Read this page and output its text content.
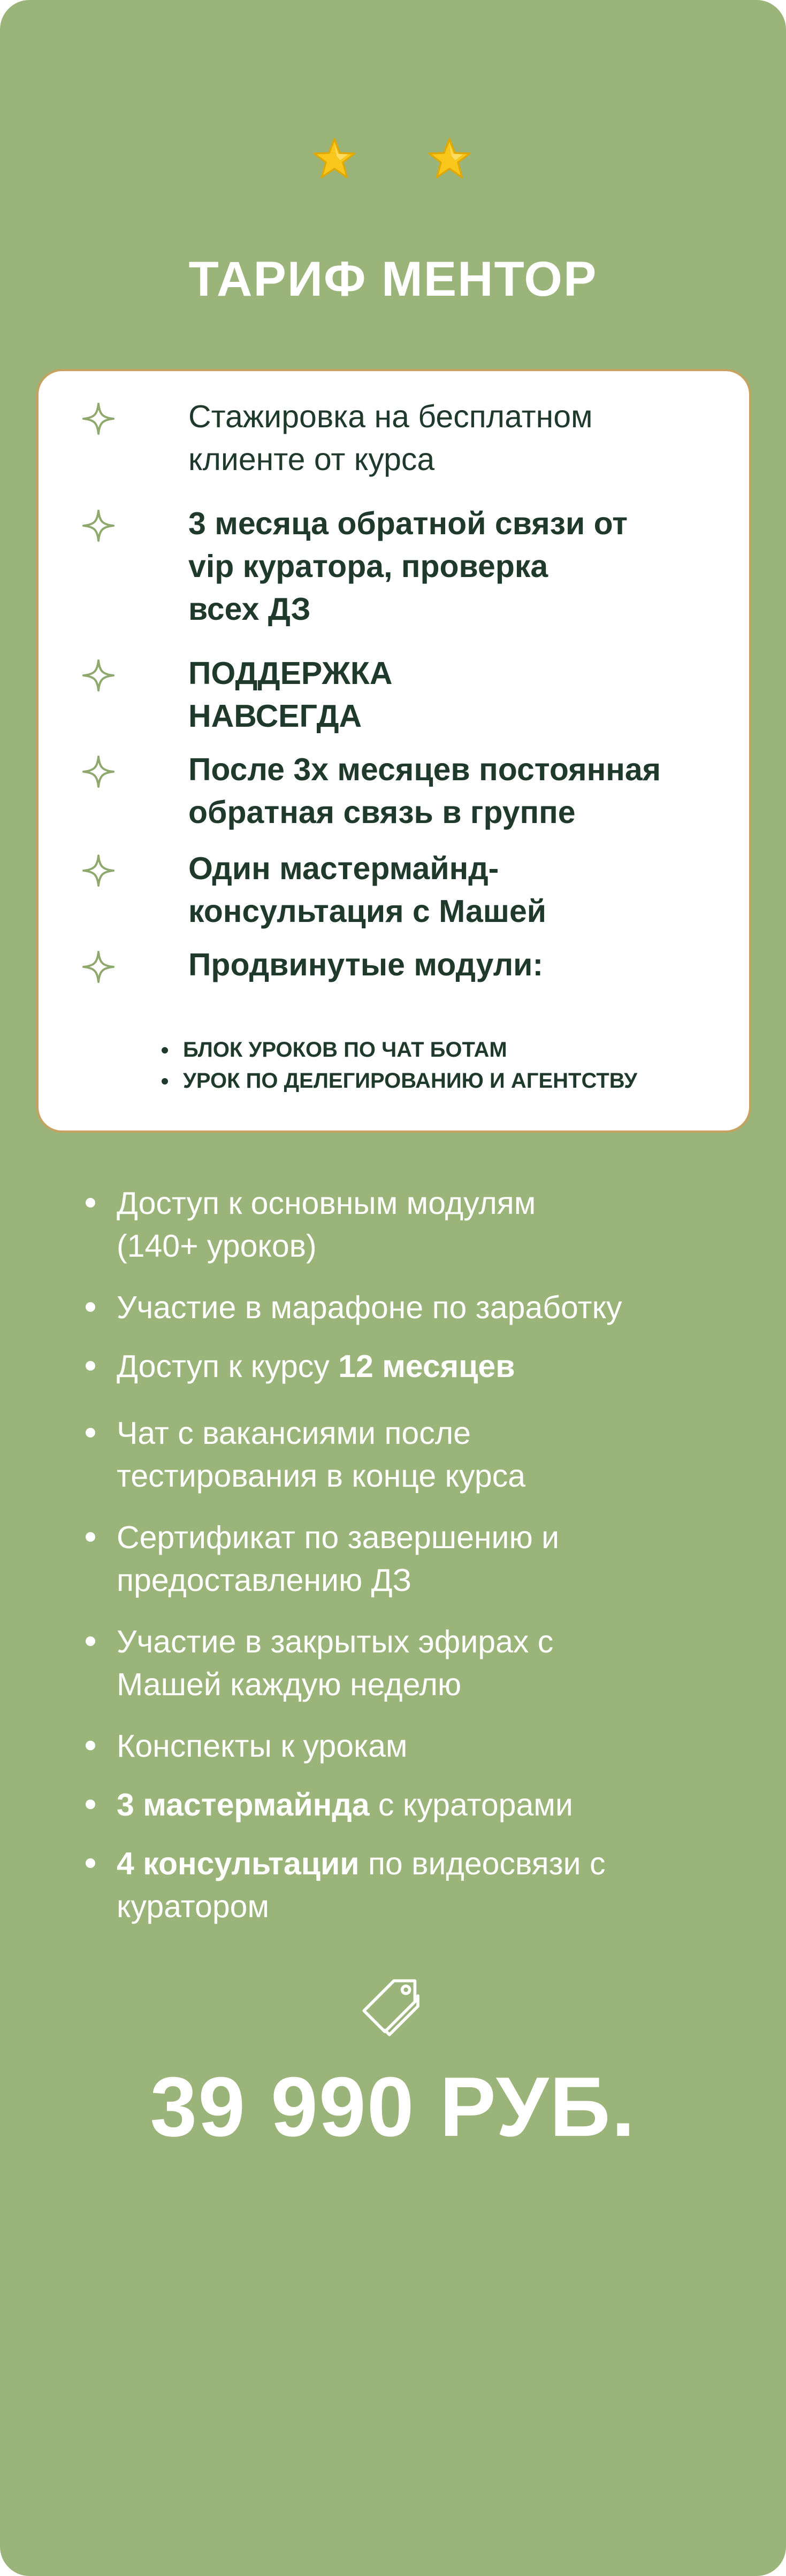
ТАРИФ МЕНТОР
Стажировка на бесплатном
клиенте от курса
3 месяца обратной связи от
vip куратора, проверка
всех ДЗ
ПОДДЕРЖКА
НАВСЕГДА
После 3х месяцев постоянная
обратная связь в группе
Один мастермайнд-
консультация с Машей
Продвинутые модули:
БЛОК УРОКОВ ПО ЧАТ БОТАМ
УРОК ПО ДЕЛЕГИРОВАНИЮ И АГЕНТСТВУ
Доступ к основным модулям
(140+ уроков)
Участие в марафоне по заработку
Доступ к курсу 12 месяцев
Чат с вакансиями после
тестирования в конце курса
Сертификат по завершению и
предоставлению ДЗ
Участие в закрытых эфирах с
Машей каждую неделю
Конспекты к урокам
3 мастермайнда с кураторами
4 консультации по видеосвязи с
куратором
39 990 РУБ.
